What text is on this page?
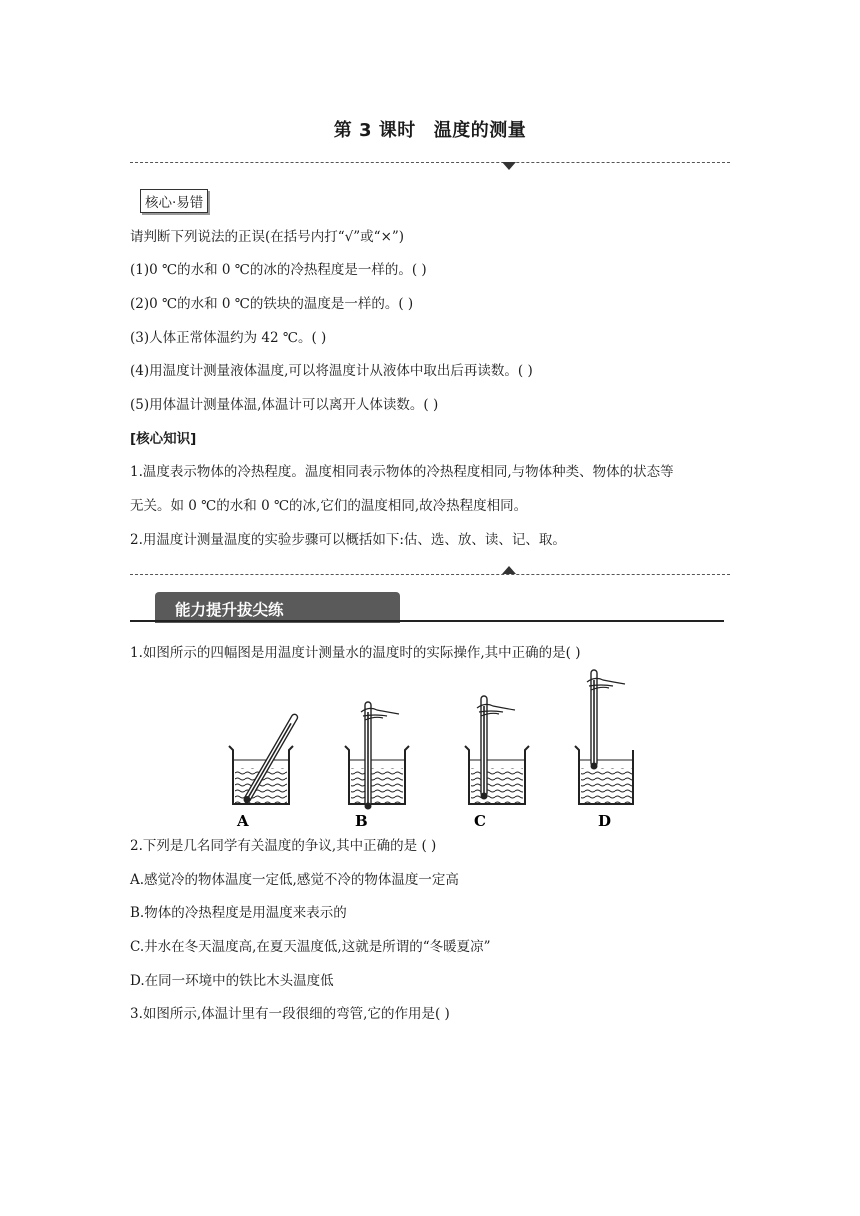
第 3 课时 温度的测量
核心·易错
请判断下列说法的正误(在括号内打“√”或“×”)
(1)0 ℃的水和 0 ℃的冰的冷热程度是一样的。( )
(2)0 ℃的水和 0 ℃的铁块的温度是一样的。( )
(3)人体正常体温约为 42 ℃。( )
(4)用温度计测量液体温度,可以将温度计从液体中取出后再读数。( )
(5)用体温计测量体温,体温计可以离开人体读数。( )
[核心知识]
1.温度表示物体的冷热程度。温度相同表示物体的冷热程度相同,与物体种类、物体的状态等
无关。如 0 ℃的水和 0 ℃的冰,它们的温度相同,故冷热程度相同。
2.用温度计测量温度的实验步骤可以概括如下:估、选、放、读、记、取。
能力提升拔尖练
1.如图所示的四幅图是用温度计测量水的温度时的实际操作,其中正确的是( )
A	B	C	D
2.下列是几名同学有关温度的争议,其中正确的是 ( )
A.感觉冷的物体温度一定低,感觉不冷的物体温度一定高
B.物体的冷热程度是用温度来表示的
C.井水在冬天温度高,在夏天温度低,这就是所谓的“冬暖夏凉”
D.在同一环境中的铁比木头温度低
3.如图所示,体温计里有一段很细的弯管,它的作用是( )
